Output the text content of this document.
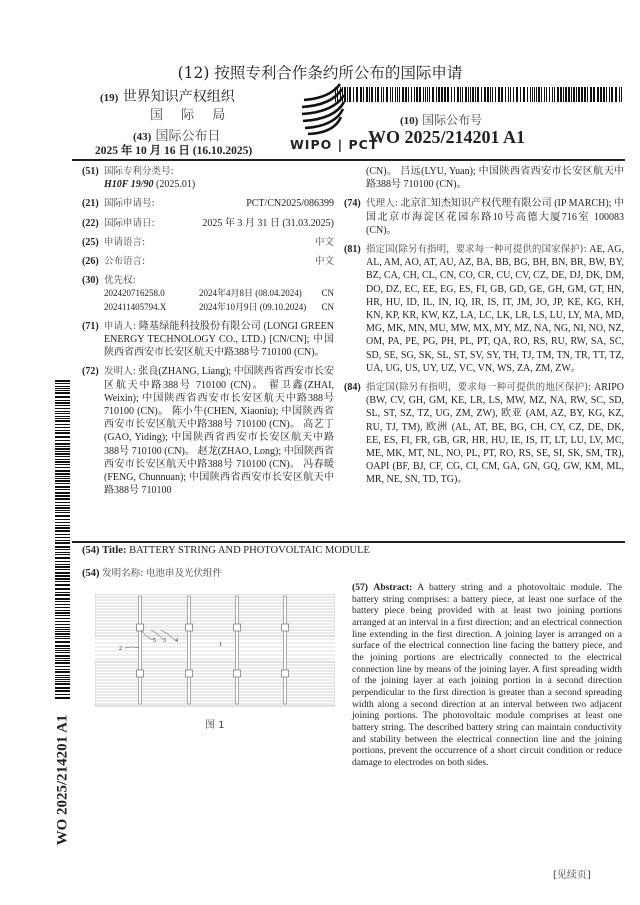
(12) 按照专利合作条约所公布的国际申请
(19) 世界知识产权组织
国 际 局
(43) 国际公布日
2025 年 10 月 16 日 (16.10.2025)	WIPO | PCT
(10) 国际公布号
WO 2025/214201 A1
(51) 国际专利分类号:
H10F 19/90 (2025.01)
(21) 国际申请号:	PCT/CN2025/086399
(22) 国际申请日:	2025 年 3 月 31 日 (31.03.2025)
(25) 申请语言:	中文
(26) 公布语言:	中文
(30) 优先权:
202420716258.0	2024年4月8日 (08.04.2024)	CN
202411405794.X	2024年10月9日 (09.10.2024)	CN
(71) 申请人: 隆基绿能科技股份有限公司 (LONGI GREEN ENERGY TECHNOLOGY CO., LTD.) [CN/CN]; 中国陕西省西安市长安区航天中路388号 710100 (CN)。
(72) 发明人: 张良(ZHANG, Liang); 中国陕西省西安市长安区航天中路388号 710100 (CN)。 翟卫鑫(ZHAI, Weixin); 中国陕西省西安市长安区航天中路388号 710100 (CN)。 陈小牛(CHEN, Xiaoniu); 中国陕西省西安市长安区航天中路388号 710100 (CN)。 高艺丁(GAO, Yiding); 中国陕西省西安市长安区航天中路388号 710100 (CN)。 赵龙(ZHAO, Long); 中国陕西省西安市长安区航天中路388号 710100 (CN)。 冯春暖(FENG, Chunnuan); 中国陕西省西安市长安区航天中路388号 710100
(CN)。 吕远(LYU, Yuan); 中国陕西省西安市长安区航天中路388号 710100 (CN)。
(74) 代理人: 北京汇知杰知识产权代理有限公司 (IP MARCH); 中国北京市海淀区花园东路10号高德大厦716室 100083 (CN)。
(81) 指定国(除另有指明，要求每一种可提供的国家保护): AE, AG, AL, AM, AO, AT, AU, AZ, BA, BB, BG, BH, BN, BR, BW, BY, BZ, CA, CH, CL, CN, CO, CR, CU, CV, CZ, DE, DJ, DK, DM, DO, DZ, EC, EE, EG, ES, FI, GB, GD, GE, GH, GM, GT, HN, HR, HU, ID, IL, IN, IQ, IR, IS, IT, JM, JO, JP, KE, KG, KH, KN, KP, KR, KW, KZ, LA, LC, LK, LR, LS, LU, LY, MA, MD, MG, MK, MN, MU, MW, MX, MY, MZ, NA, NG, NI, NO, NZ, OM, PA, PE, PG, PH, PL, PT, QA, RO, RS, RU, RW, SA, SC, SD, SE, SG, SK, SL, ST, SV, SY, TH, TJ, TM, TN, TR, TT, TZ, UA, UG, US, UY, UZ, VC, VN, WS, ZA, ZM, ZW。
(84) 指定国(除另有指明，要求每一种可提供的地区保护): ARIPO (BW, CV, GH, GM, KE, LR, LS, MW, MZ, NA, RW, SC, SD, SL, ST, SZ, TZ, UG, ZM, ZW), 欧亚 (AM, AZ, BY, KG, KZ, RU, TJ, TM), 欧洲 (AL, AT, BE, BG, CH, CY, CZ, DE, DK, EE, ES, FI, FR, GB, GR, HR, HU, IE, IS, IT, LT, LU, LV, MC, ME, MK, MT, NL, NO, PL, PT, RO, RS, SE, SI, SK, SM, TR), OAPI (BF, BJ, CF, CG, CI, CM, GA, GN, GQ, GW, KM, ML, MR, NE, SN, TD, TG)。
(54) Title: BATTERY STRING AND PHOTOVOLTAIC MODULE
(54) 发明名称: 电池串及光伏组件
2
5 3 4
1
图 1
(57) Abstract: A battery string and a photovoltaic module. The battery string comprises: a battery piece, at least one surface of the battery piece being provided with at least two joining portions arranged at an interval in a first direction; and an electrical connection line extending in the first direction. A joining layer is arranged on a surface of the electrical connection line facing the battery piece, and the joining portions are electrically connected to the electrical connection line by means of the joining layer. A first spreading width of the joining layer at each joining portion in a second direction perpendicular to the first direction is greater than a second spreading width along a second direction at an interval between two adjacent joining portions. The photovoltaic module comprises at least one battery string. The described battery string can maintain conductivity and stability between the electrical connection line and the joining portions, prevent the occurrence of a short circuit condition or reduce damage to electrodes on both sides.
WO 2025/214201 A1
[见续页]
